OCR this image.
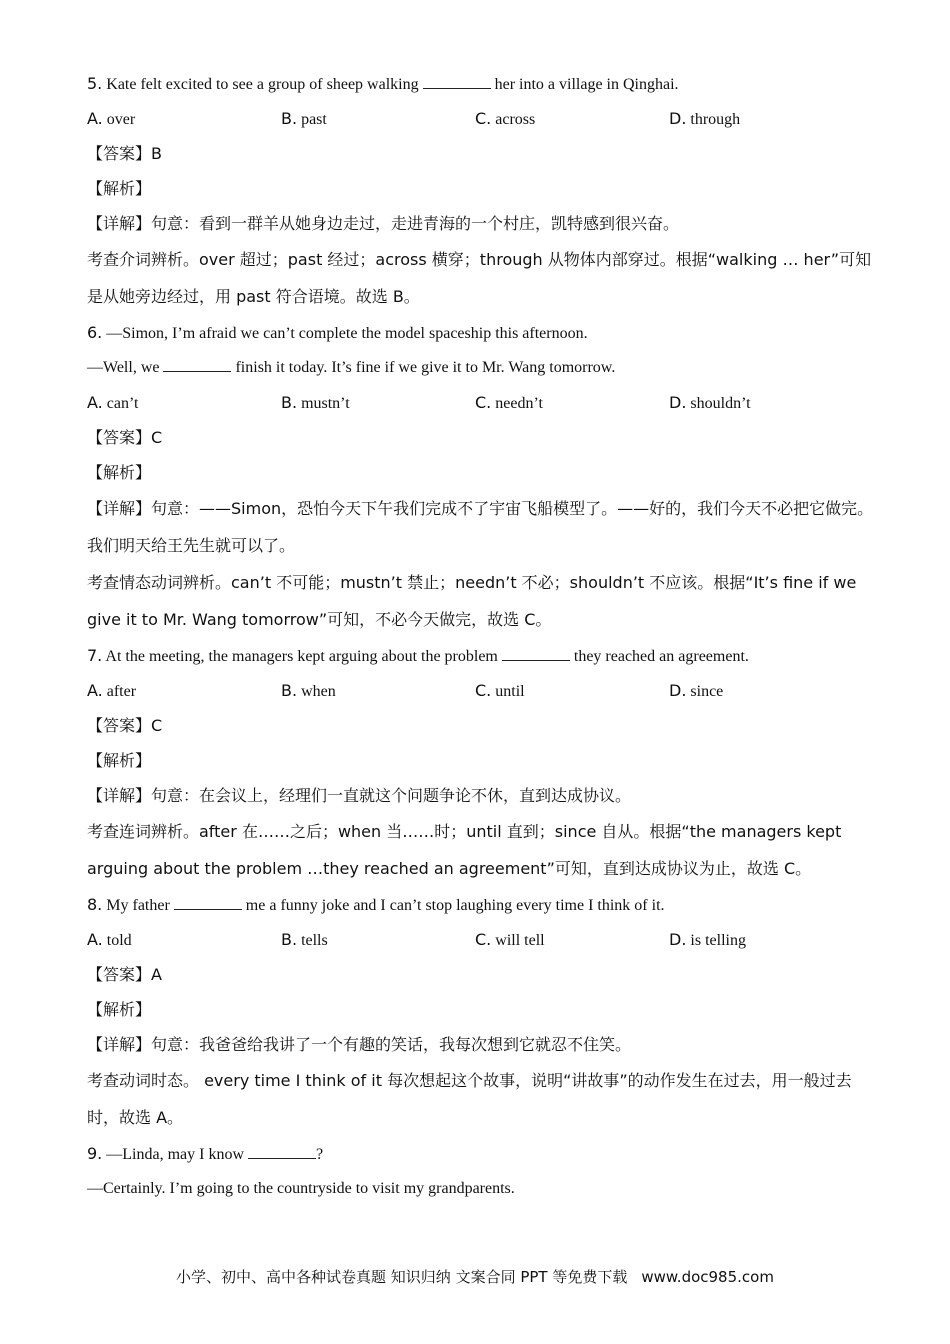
5. Kate felt excited to see a group of sheep walking	her into a village in Qinghai.
A. over	B. past	C. across	D. through
【答案】B
【解析】
【详解】句意：看到一群羊从她身边走过，走进青海的一个村庄，凯特感到很兴奋。
考查介词辨析。over 超过；past 经过；across 横穿；through 从物体内部穿过。根据“walking … her”可知是从她旁边经过，用 past 符合语境。故选 B。
6. —Simon, I’m afraid we can’t complete the model spaceship this afternoon.
—Well, we	finish it today. It’s fine if we give it to Mr. Wang tomorrow.
A. can’t	B. mustn’t	C. needn’t	D. shouldn’t
【答案】C
【解析】
【详解】句意：——Simon，恐怕今天下午我们完成不了宇宙飞船模型了。——好的，我们今天不必把它做完。我们明天给王先生就可以了。
考查情态动词辨析。can’t 不可能；mustn’t 禁止；needn’t 不必；shouldn’t 不应该。根据“It’s fine if we give it to Mr. Wang tomorrow”可知，不必今天做完，故选 C。
7. At the meeting, the managers kept arguing about the problem	they reached an agreement.
A. after	B. when	C. until	D. since
【答案】C
【解析】
【详解】句意：在会议上，经理们一直就这个问题争论不休，直到达成协议。
考查连词辨析。after 在……之后；when 当……时；until 直到；since 自从。根据“the managers kept arguing about the problem …they reached an agreement”可知，直到达成协议为止，故选 C。
8. My father	me a funny joke and I can’t stop laughing every time I think of it.
A. told	B. tells	C. will tell	D. is telling
【答案】A
【解析】
【详解】句意：我爸爸给我讲了一个有趣的笑话，我每次想到它就忍不住笑。
考查动词时态。 every time I think of it 每次想起这个故事，说明“讲故事”的动作发生在过去，用一般过去时，故选 A。
9. —Linda, may I know	?
—Certainly. I’m going to the countryside to visit my grandparents.
小学、初中、高中各种试卷真题 知识归纳 文案合同 PPT 等免费下载 www.doc985.com
